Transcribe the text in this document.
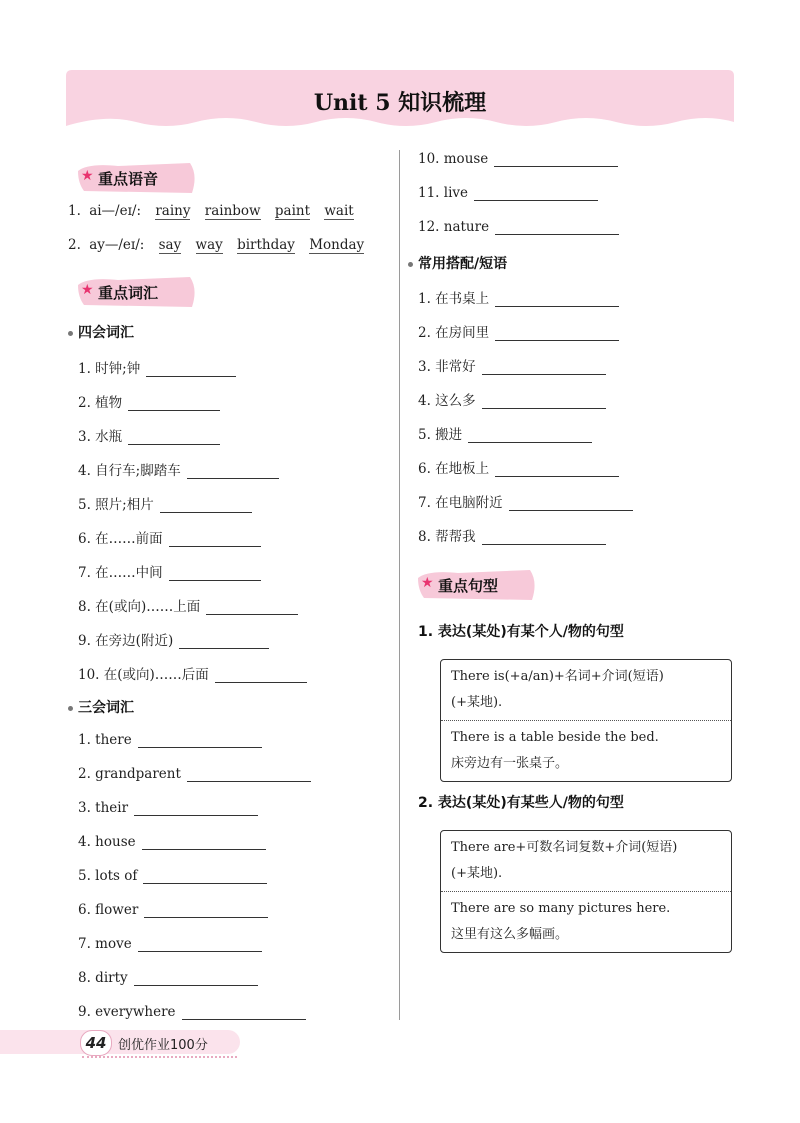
Unit 5 知识梳理
★ 重点语音
1. ai—/eɪ/: rainy rainbow paint wait
2. ay—/eɪ/: say way birthday Monday
★ 重点词汇
四会词汇
1. 时钟;钟
2. 植物
3. 水瓶
4. 自行车;脚踏车
5. 照片;相片
6. 在……前面
7. 在……中间
8. 在(或向)……上面
9. 在旁边(附近)
10. 在(或向)……后面
三会词汇
1. there
2. grandparent
3. their
4. house
5. lots of
6. flower
7. move
8. dirty
9. everywhere
10. mouse
11. live
12. nature
常用搭配/短语
1. 在书桌上
2. 在房间里
3. 非常好
4. 这么多
5. 搬进
6. 在地板上
7. 在电脑附近
8. 帮帮我
★ 重点句型
1. 表达(某处)有某个人/物的句型
There is(+a/an)+名词+介词(短语)
(+某地).
There is a table beside the bed.
床旁边有一张桌子。
2. 表达(某处)有某些人/物的句型
There are+可数名词复数+介词(短语)
(+某地).
There are so many pictures here.
这里有这么多幅画。
44 创优作业100分
